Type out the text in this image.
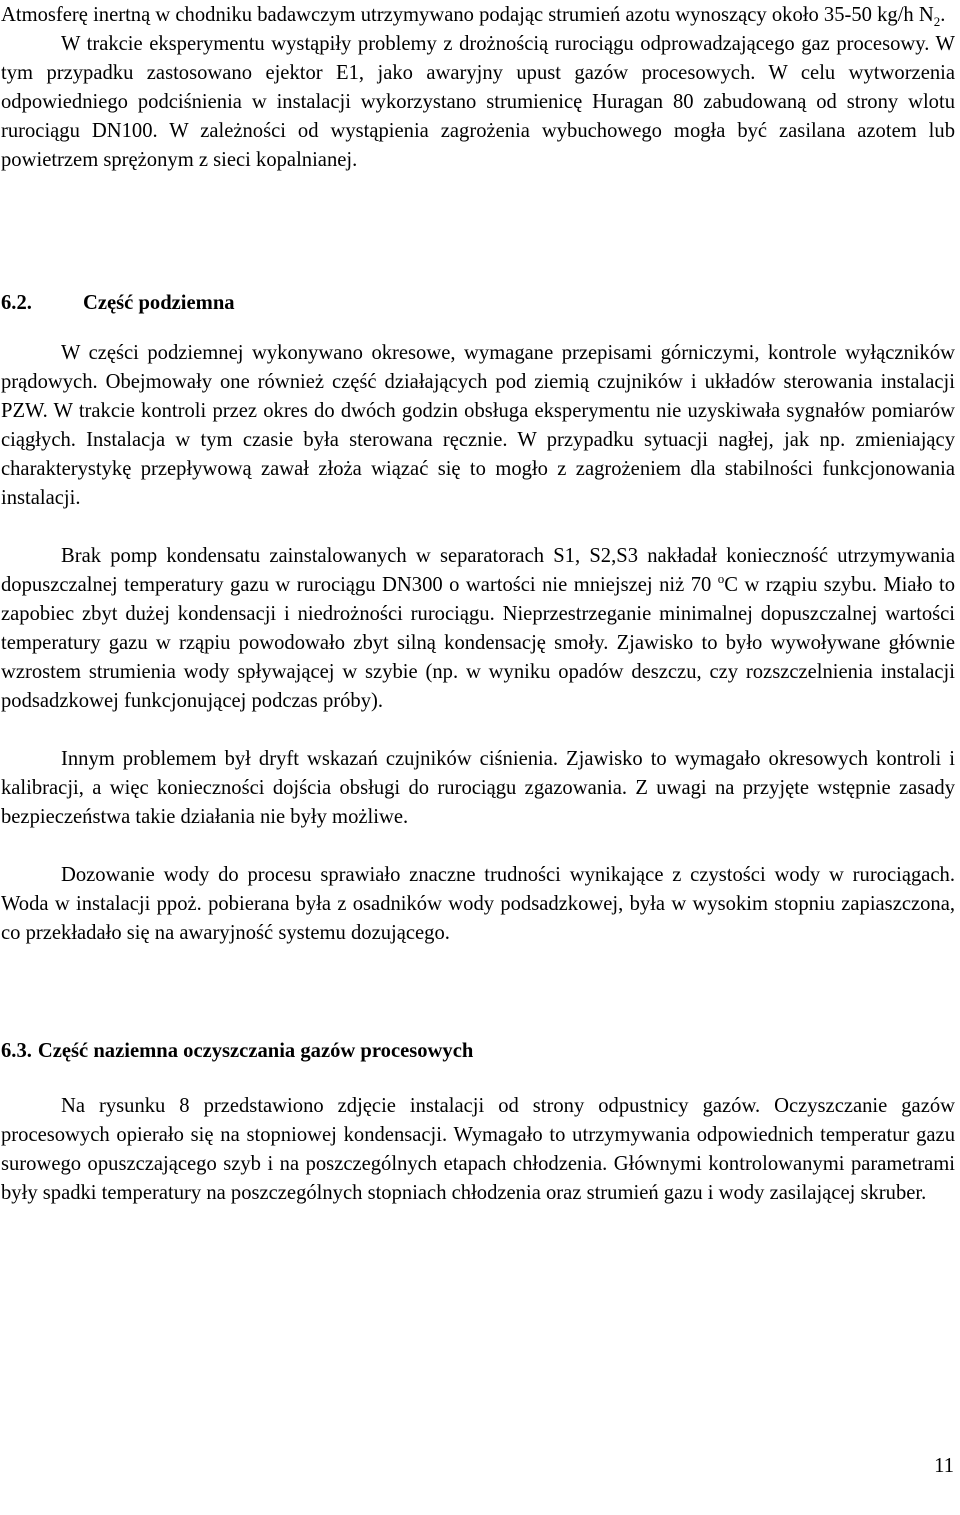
Atmosferę inertną w chodniku badawczym utrzymywano podając strumień azotu wynoszący około 35-50 kg/h $N_2$.

W trakcie eksperymentu wystąpiły problemy z drożnością rurociągu odprowadzającego gaz procesowy. W tym przypadku zastosowano ejektor E1, jako awaryjny upust gazów procesowych. W celu wytworzenia odpowiedniego podciśnienia w instalacji wykorzystano strumienicę Huragan 80 zabudowaną od strony wlotu rurociągu DN100. W zależności od wystąpienia zagrożenia wybuchowego mogła być zasilana azotem lub powietrzem sprężonym z sieci kopalnianej.

6.2. Część podziemna

W części podziemnej wykonywano okresowe, wymagane przepisami górniczymi, kontrole wyłączników prądowych. Obejmowały one również część działających pod ziemią czujników i układów sterowania instalacji PZW. W trakcie kontroli przez okres do dwóch godzin obsługa eksperymentu nie uzyskiwała sygnałów pomiarów ciągłych. Instalacja w tym czasie była sterowana ręcznie. W przypadku sytuacji nagłej, jak np. zmieniający charakterystykę przepływową zawał złoża wiązać się to mogło z zagrożeniem dla stabilności funkcjonowania instalacji.

Brak pomp kondensatu zainstalowanych w separatorach S1, S2,S3 nakładał konieczność utrzymywania dopuszczalnej temperatury gazu w rurociągu DN300 o wartości nie mniejszej niż 70 $^o$C w rząpiu szybu. Miało to zapobiec zbyt dużej kondensacji i niedrożności rurociągu. Nieprzestrzeganie minimalnej dopuszczalnej wartości temperatury gazu w rząpiu powodowało zbyt silną kondensację smoły. Zjawisko to było wywoływane głównie wzrostem strumienia wody spływającej w szybie (np. w wyniku opadów deszczu, czy rozszczelnienia instalacji podsadzkowej funkcjonującej podczas próby).

Innym problemem był dryft wskazań czujników ciśnienia. Zjawisko to wymagało okresowych kontroli i kalibracji, a więc konieczności dojścia obsługi do rurociągu zgazowania. Z uwagi na przyjęte wstępnie zasady bezpieczeństwa takie działania nie były możliwe.

Dozowanie wody do procesu sprawiało znaczne trudności wynikające z czystości wody w rurociągach. Woda w instalacji ppoż. pobierana była z osadników wody podsadzkowej, była w wysokim stopniu zapiaszczona, co przekładało się na awaryjność systemu dozującego.

6.3. Część naziemna oczyszczania gazów procesowych

Na rysunku 8 przedstawiono zdjęcie instalacji od strony odpustnicy gazów. Oczyszczanie gazów procesowych opierało się na stopniowej kondensacji. Wymagało to utrzymywania odpowiednich temperatur gazu surowego opuszczającego szyb i na poszczególnych etapach chłodzenia. Głównymi kontrolowanymi parametrami były spadki temperatury na poszczególnych stopniach chłodzenia oraz strumień gazu i wody zasilającej skruber.

11
